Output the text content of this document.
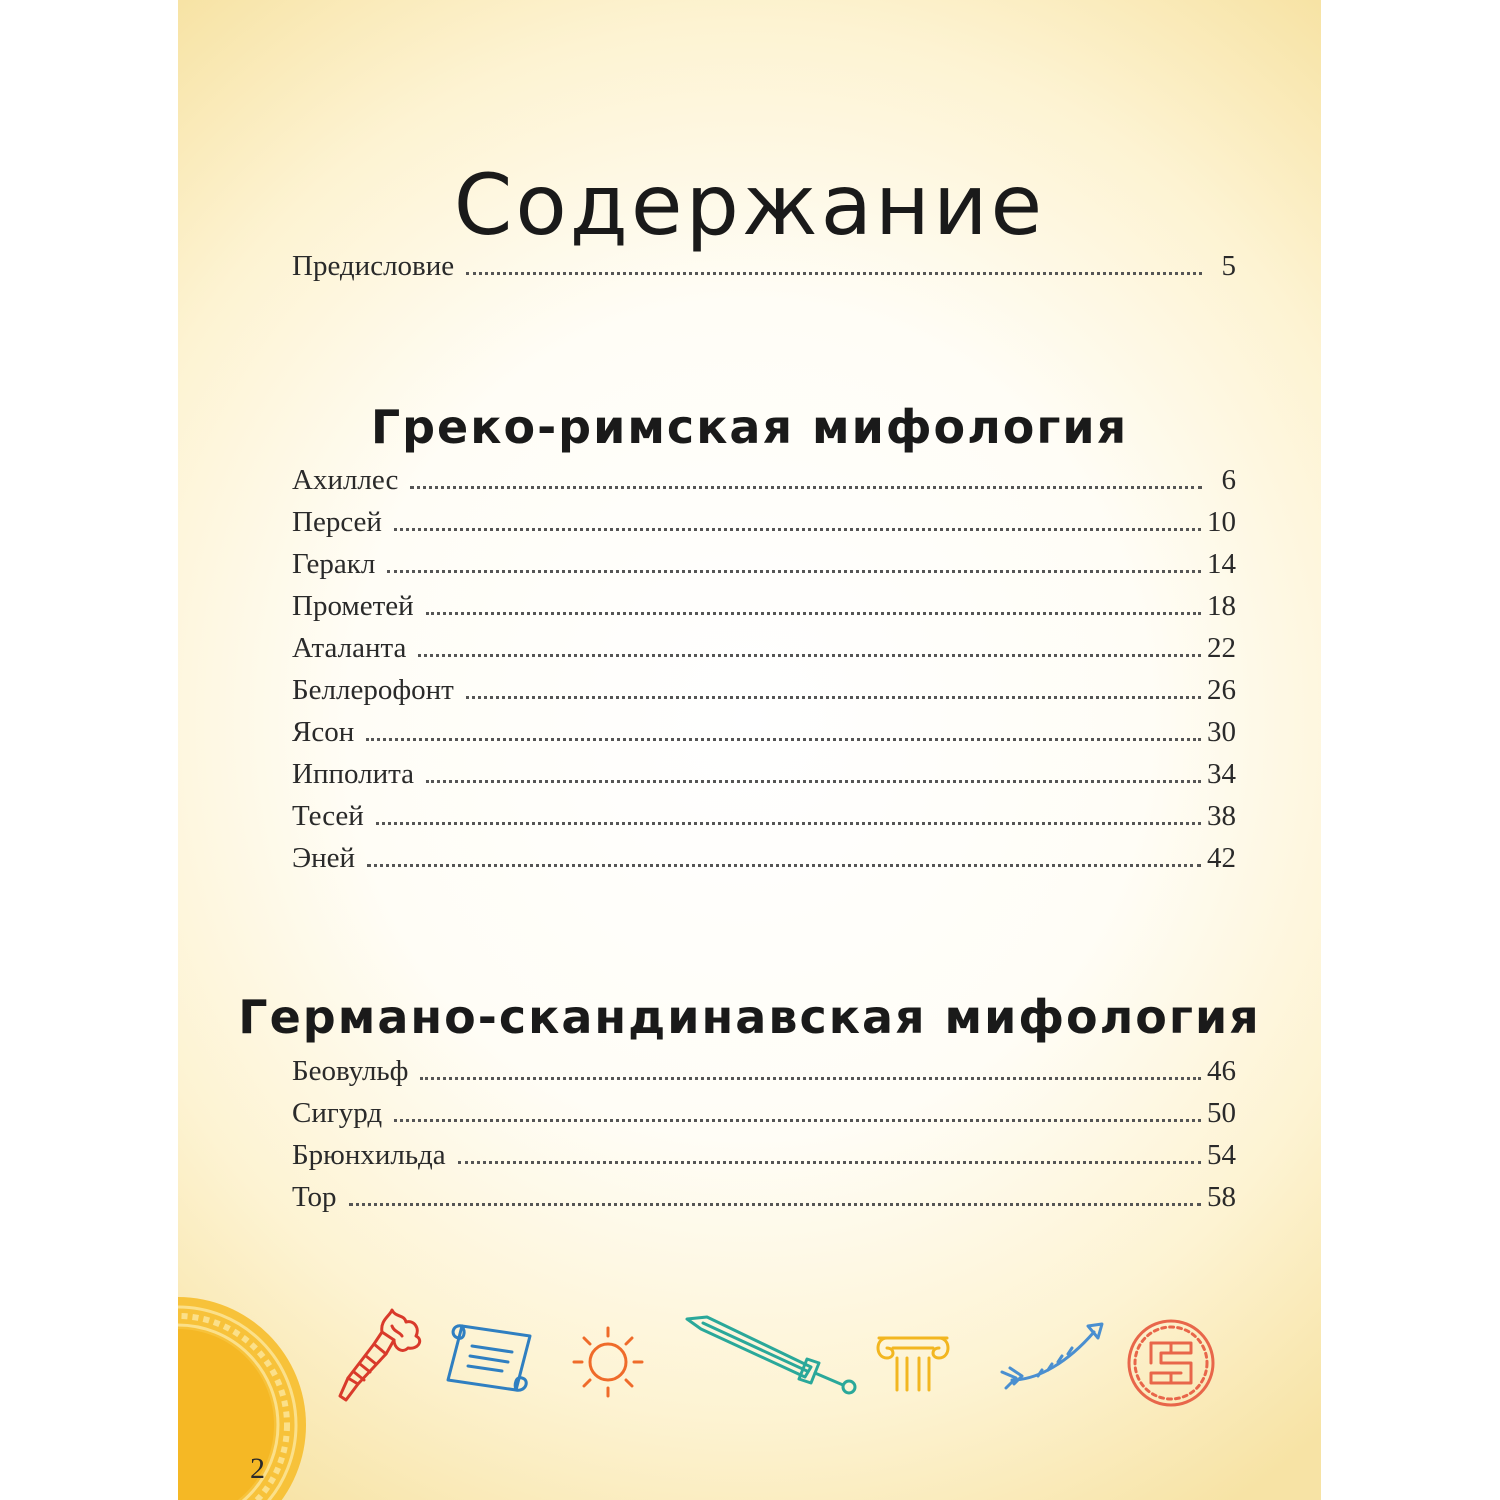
Содержание
Предисловие	5
Греко-римская мифология
Ахиллес	6
Персей	10
Геракл	14
Прометей	18
Аталанта	22
Беллерофонт	26
Ясон	30
Ипполита	34
Тесей	38
Эней	42
Германо-скандинавская мифология
Беовульф	46
Сигурд	50
Брюнхильда	54
Тор	58
2
